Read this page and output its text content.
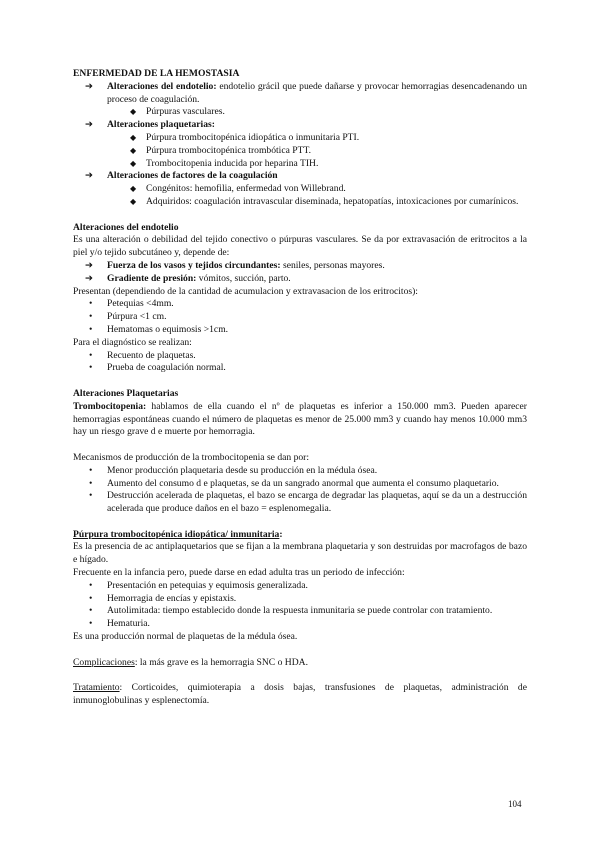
ENFERMEDAD DE LA HEMOSTASIA
➔ Alteraciones del endotelio: endotelio grácil que puede dañarse y provocar hemorragias desencadenando un proceso de coagulación.
◆ Púrpuras vasculares.
➔ Alteraciones plaquetarias:
◆ Púrpura trombocitopénica idiopática o inmunitaria PTI.
◆ Púrpura trombocitopénica trombótica PTT.
◆ Trombocitopenia inducida por heparina TIH.
➔ Alteraciones de factores de la coagulación
◆ Congénitos: hemofilia, enfermedad von Willebrand.
◆ Adquiridos: coagulación intravascular diseminada, hepatopatías, intoxicaciones por cumarínicos.
Alteraciones del endotelio
Es una alteración o debilidad del tejido conectivo o púrpuras vasculares. Se da por extravasación de eritrocitos a la piel y/o tejido subcutáneo y, depende de:
➔ Fuerza de los vasos y tejidos circundantes: seniles, personas mayores.
➔ Gradiente de presión: vómitos, succión, parto.
Presentan (dependiendo de la cantidad de acumulacion y extravasacion de los eritrocitos):
• Petequias <4mm.
• Púrpura <1 cm.
• Hematomas o equimosis >1cm.
Para el diagnóstico se realizan:
• Recuento de plaquetas.
• Prueba de coagulación normal.
Alteraciones Plaquetarias
Trombocitopenia: hablamos de ella cuando el nº de plaquetas es inferior a 150.000 mm3. Pueden aparecer hemorragias espontáneas cuando el número de plaquetas es menor de 25.000 mm3 y cuando hay menos 10.000 mm3 hay un riesgo grave d e muerte por hemorragia.
Mecanismos de producción de la trombocitopenia se dan por:
• Menor producción plaquetaria desde su producción en la médula ósea.
• Aumento del consumo d e plaquetas, se da un sangrado anormal que aumenta el consumo plaquetario.
• Destrucción acelerada de plaquetas, el bazo se encarga de degradar las plaquetas, aquí se da un a destrucción acelerada que produce daños en el bazo = esplenomegalia.
Púrpura trombocitopénica idiopática/ inmunitaria:
Es la presencia de ac antiplaquetarios que se fijan a la membrana plaquetaria y son destruidas por macrofagos de bazo e hígado.
Frecuente en la infancia pero, puede darse en edad adulta tras un periodo de infección:
• Presentación en petequias y equimosis generalizada.
• Hemorragia de encías y epistaxis.
• Autolimitada: tiempo establecido donde la respuesta inmunitaria se puede controlar con tratamiento.
• Hematuria.
Es una producción normal de plaquetas de la médula ósea.
Complicaciones: la más grave es la hemorragia SNC o HDA.
Tratamiento: Corticoides, quimioterapia a dosis bajas, transfusiones de plaquetas, administración de inmunoglobulinas y esplenectomía.
104
